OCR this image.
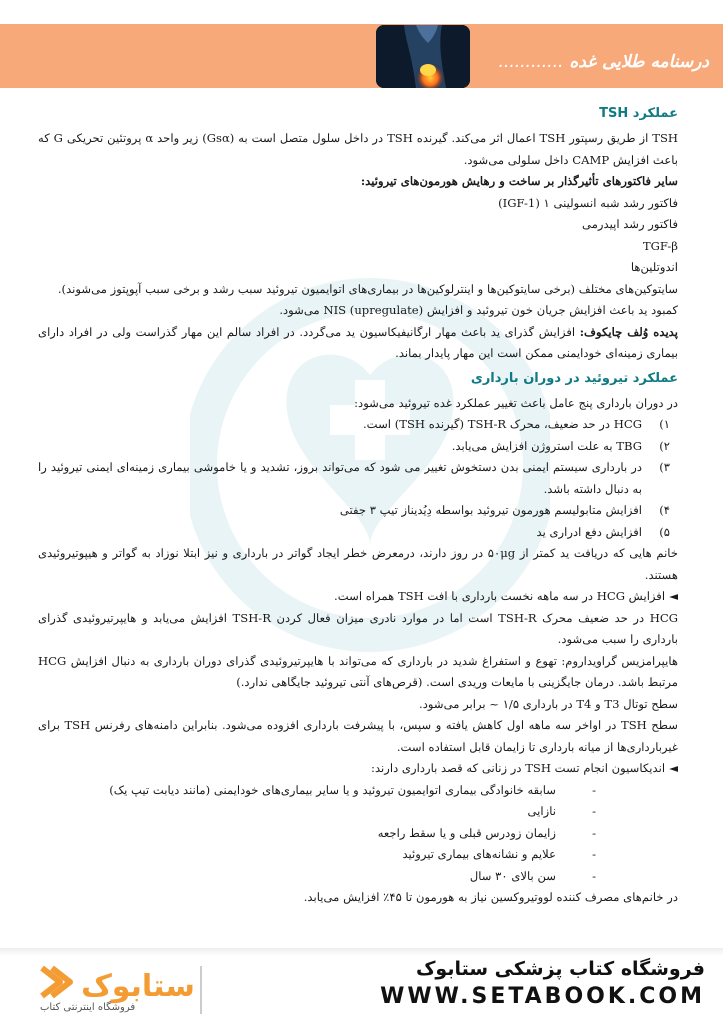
درسنامه طلایی غده ............
عملکرد TSH

TSH از طریق رسپتور TSH اعمال اثر می‌کند. گیرنده TSH در داخل سلول متصل است به (Gsα) زیر واحد α پروتئین تحریکی G که باعث افزایش CAMP داخل سلولی می‌شود.

سایر فاکتورهای تأثیرگذار بر ساخت و رهایش هورمون‌های تیروئید:

فاکتور رشد شبه انسولینی ۱ (IGF-1)

فاکتور رشد اپیدرمی

TGF-β

اندوتلین‌ها

سایتوکین‌های مختلف (برخی سایتوکین‌ها و اینترلوکین‌ها در بیماری‌های اتوایمیون تیروئید سبب رشد و برخی سبب آپوپتوز می‌شوند).

کمبود ید باعث افزایش جریان خون تیروئید و افزایش NIS (upregulate) می‌شود.

پدیده وُلف چایکوف: افزایش گذرای ید باعث مهار ارگانیفیکاسیون ید می‌گردد. در افراد سالم این مهار گذراست ولی در افراد دارای بیماری زمینه‌ای خودایمنی ممکن است این مهار پایدار بماند.

عملکرد تیروئید در دوران بارداری

در دوران بارداری پنج عامل باعث تغییر عملکرد غده تیروئید می‌شود:

۱)
HCG در حد ضعیف، محرک TSH-R (گیرنده TSH) است.
۲)
TBG به علت استروژن افزایش می‌یابد.
۳)
در بارداری سیستم ایمنی بدن دستخوش تغییر می شود که می‌تواند بروز، تشدید و یا خاموشی بیماری زمینه‌ای ایمنی تیروئید را به دنبال داشته باشد.
۴)
افزایش متابولیسم هورمون تیروئید بواسطه دِیُدیناز تیپ ۳ جفتی
۵)
افزایش دفع ادراری ید

خانم هایی که دریافت ید کمتر از ۵۰μg در روز دارند، درمعرض خطر ایجاد گواتر در بارداری و نیز ابتلا نوزاد به گواتر و هیپوتیروئیدی هستند.

◄افزایش HCG در سه ماهه نخست بارداری با افت TSH همراه است.

HCG در حد ضعیف محرک TSH-R است اما در موارد نادری میزان فعال کردن TSH-R افزایش می‌یابد و هایپرتیروئیدی گذرای بارداری را سبب می‌شود.

هایپرامزیس گراویداروم: تهوع و استفراغ شدید در بارداری که می‌تواند با هایپرتیروئیدی گذرای دوران بارداری به دنبال افزایش HCG مرتبط باشد. درمان جایگزینی با مایعات وریدی است. (قرص‌های آنتی تیروئید جایگاهی ندارد.)

سطح توتال T3 و T4 در بارداری ۱/۵ ~ برابر می‌شود.

سطح TSH در اواخر سه ماهه اول کاهش یافته و سپس، با پیشرفت بارداری افزوده می‌شود. بنابراین دامنه‌های رفرنس TSH برای غیربارداری‌ها از میانه بارداری تا زایمان قابل استفاده است.

◄اندیکاسیون انجام تست TSH در زنانی که قصد بارداری دارند:

-
سابقه خانوادگی بیماری اتوایمیون تیروئید و یا سایر بیماری‌های خودایمنی (مانند دیابت تیپ یک)
-
نازایی
-
زایمان زودرس قبلی و یا سقط راجعه
-
علایم و نشانه‌های بیماری تیروئید
-
سن بالای ۳۰ سال

در خانم‌های مصرف کننده لووتیروکسین نیاز به هورمون تا ۴۵٪ افزایش می‌یابد.

فروشگاه کتاب پزشکی ستابوک
WWW.SETABOOK.COM
ستابوک
فروشگاه اینترنتی کتاب
